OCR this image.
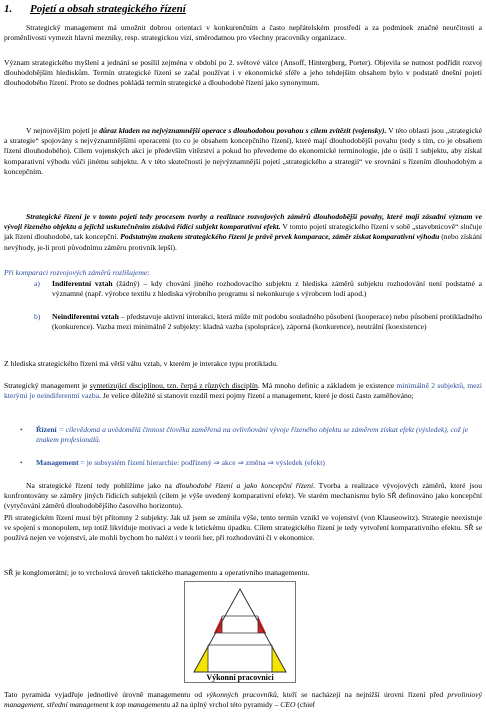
1. Pojetí a obsah strategického řízení

Strategický management má umožnit dobrou orientaci v konkurenčním a často nepřátelském prostředí a za podmínek značné neurčitosti a proměnlivosti vymezit hlavní mezníky, resp. strategickou vizi, směrodatnou pro všechny pracovníky organizace.

Význam strategického myšlení a jednání se posílil zejména v období po 2. světové válce (Ansoff, Hintergberg, Porter). Objevila se nutnost podřídit rozvoj dlouhodobějším hlediskům. Termín strategické řízení se začal používat i v ekonomické sféře a jeho tehdejším obsahem bylo v podstatě dnešní pojetí dlouhodobého řízení. Proto se dodnes pokládá termín strategické a dlouhodobé řízení jako synonymum.

V nejnovějším pojetí je důraz kladen na nejvýznamnější operace s dlouhodobou povahou s cílem zvítězit (vojensky). V této oblasti jsou „strategické a strategie“ spojovány s nejvýznamnějšími operacemi (to co je obsahem koncepčního řízení), které mají dlouhodobější povahu (tedy s tím, co je obsahem řízení dlouhodobého). Cílem vojenských akcí je především vítězství a pokud ho převedeme do ekonomické terminologie, jde o úsilí 1 subjektu, aby získal komparativní výhodu vůči jinému subjektu. A v této skutečnosti je nejvýznamnější pojetí „strategického a strategií“ ve srovnání s řízením dlouhodobým a koncepčním.

Strategické řízení je v tomto pojetí tedy procesem tvorby a realizace rozvojových záměrů dlouhodobější povahy, které mají zásadní význam ve vývoji řízeného objektu a jejichž uskutečněním získává řídící subjekt komparativní efekt. V tomto pojetí strategického řízení v sobě „stavebnicově“ slučuje jak řízení dlouhodobé, tak koncepční. Podstatným znakem strategického řízení je právě prvek komparace, záměr získat komparativní výhodu (nebo získání nevýhody, je-li proti původnímu záměru protivník lepší).

Při komparaci rozvojových záměrů rozlišujeme:

a) Indiferentní vztah (žádný) – kdy chování jiného rozhodovacího subjektu z hlediska záměrů subjektu rozhodování není podstatné a významné (např. výrobce textilu z hlediska výrobního programu si nekonkuruje s výrobcem lodí apod.)

b) Neindiferentní vztah – představuje aktivní interakci, která může mít podobu souladného působení (kooperace) nebo působení protikladného (konkurence). Vazba mezi minimálně 2 subjekty: kladná vazba (spolupráce), záporná (konkurence), neutrální (koexistence)

Z hlediska strategického řízení má větší váhu vztah, v kterém je interakce typu protikladu.

Strategický management je syntetizující disciplínou, tzn. čerpá z různých disciplín. Má mnoho definic a základem je existence minimálně 2 subjektů, mezi kterými je neindiferentní vazba. Je velice důležité si stanovit rozdíl mezi pojmy řízení a management, které je dosti často zaměňováno;

• Řízení = cílevědomá a uvědomělá činnost člověka zaměřená na ovlivňování vývoje řízeného objektu se záměrem získat efekt (výsledek), což je znakem profesionálů.

• Management = je subsystém řízení hierarchie: podřízený ⇒ akce ⇒ změna ⇒ výsledek (efekt)

Na strategické řízení tedy pohlížíme jako na dlouhodobé řízení a jako koncepční řízení. Tvorba a realizace vývojových záměrů, které jsou konfrontovány se záměry jiných řídících subjektů (cílem je výše uvedený komparativní efekt). Ve starém mechanismu bylo SŘ definováno jako koncepční (vytyčování záměrů dlouhodobějšího časového horizontu).

Při strategickém řízení musí být přítomny 2 subjekty. Jak už jsem se zmínila výše, tento termín vznikl ve vojenství (von Klauseowitz). Strategie neexistuje ve spojení s monopolem, tep totiž likviduje motivaci a vede k letickému úpadku. Cílem strategického řízení je tedy vytvoření komparativního efektu. SŘ se používá nejen ve vojenství, ale mohli bychom ho nalézt i v teorii her, při rozhodování či v ekonomice.

SŘ je konglomerátní; je to vrcholová úroveň taktického managementu a operativního managementu.

Výkonní pracovníci

Tato pyramida vyjadřuje jednotlivé úrovně managementu od výkonných pracovníků, kteří se nacházejí na nejnižší úrovni řízení před prvoliniový management, střední management k top managementu až na úplný vrchol této pyramidy – CEO (chief
